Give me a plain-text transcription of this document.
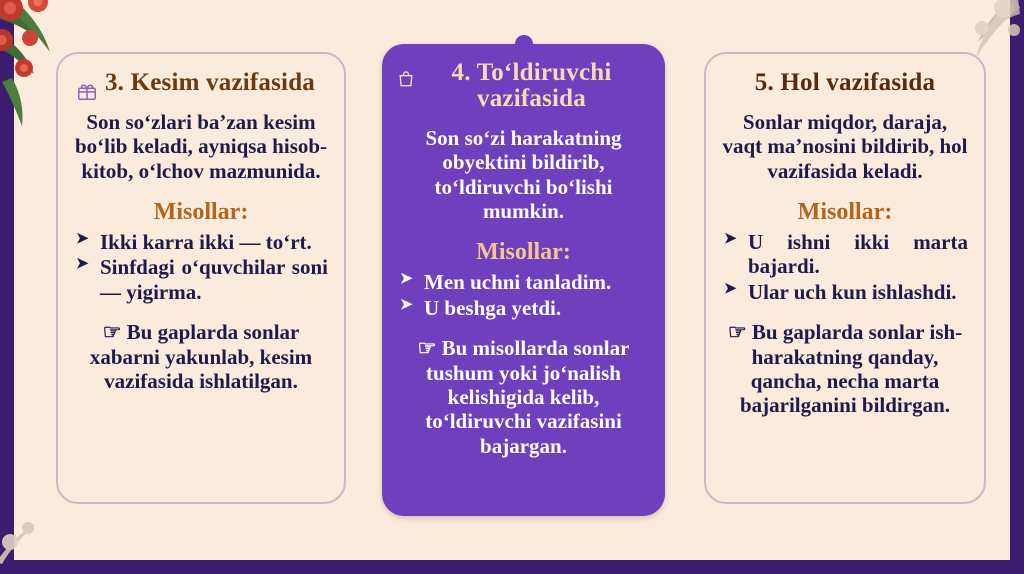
3. Kesim vazifasida
Son so‘zlari ba’zan kesim bo‘lib keladi, ayniqsa hisob-kitob, o‘lchov mazmunida.
Misollar:
➤ Ikki karra ikki — to‘rt.
➤ Sinfdagi o‘quvchilar soni — yigirma.
☞ Bu gaplarda sonlar xabarni yakunlab, kesim vazifasida ishlatilgan.
4. To‘ldiruvchi vazifasida
Son so‘zi harakatning obyektini bildirib, to‘ldiruvchi bo‘lishi mumkin.
Misollar:
➤ Men uchni tanladim.
➤ U beshga yetdi.
☞ Bu misollarda sonlar tushum yoki jo‘nalish kelishigida kelib, to‘ldiruvchi vazifasini bajargan.
5. Hol vazifasida
Sonlar miqdor, daraja, vaqt ma’nosini bildirib, hol vazifasida keladi.
Misollar:
➤ U ishni ikki marta bajardi.
➤ Ular uch kun ishlashdi.
☞ Bu gaplarda sonlar ish-harakatning qanday, qancha, necha marta bajarilganini bildirgan.
